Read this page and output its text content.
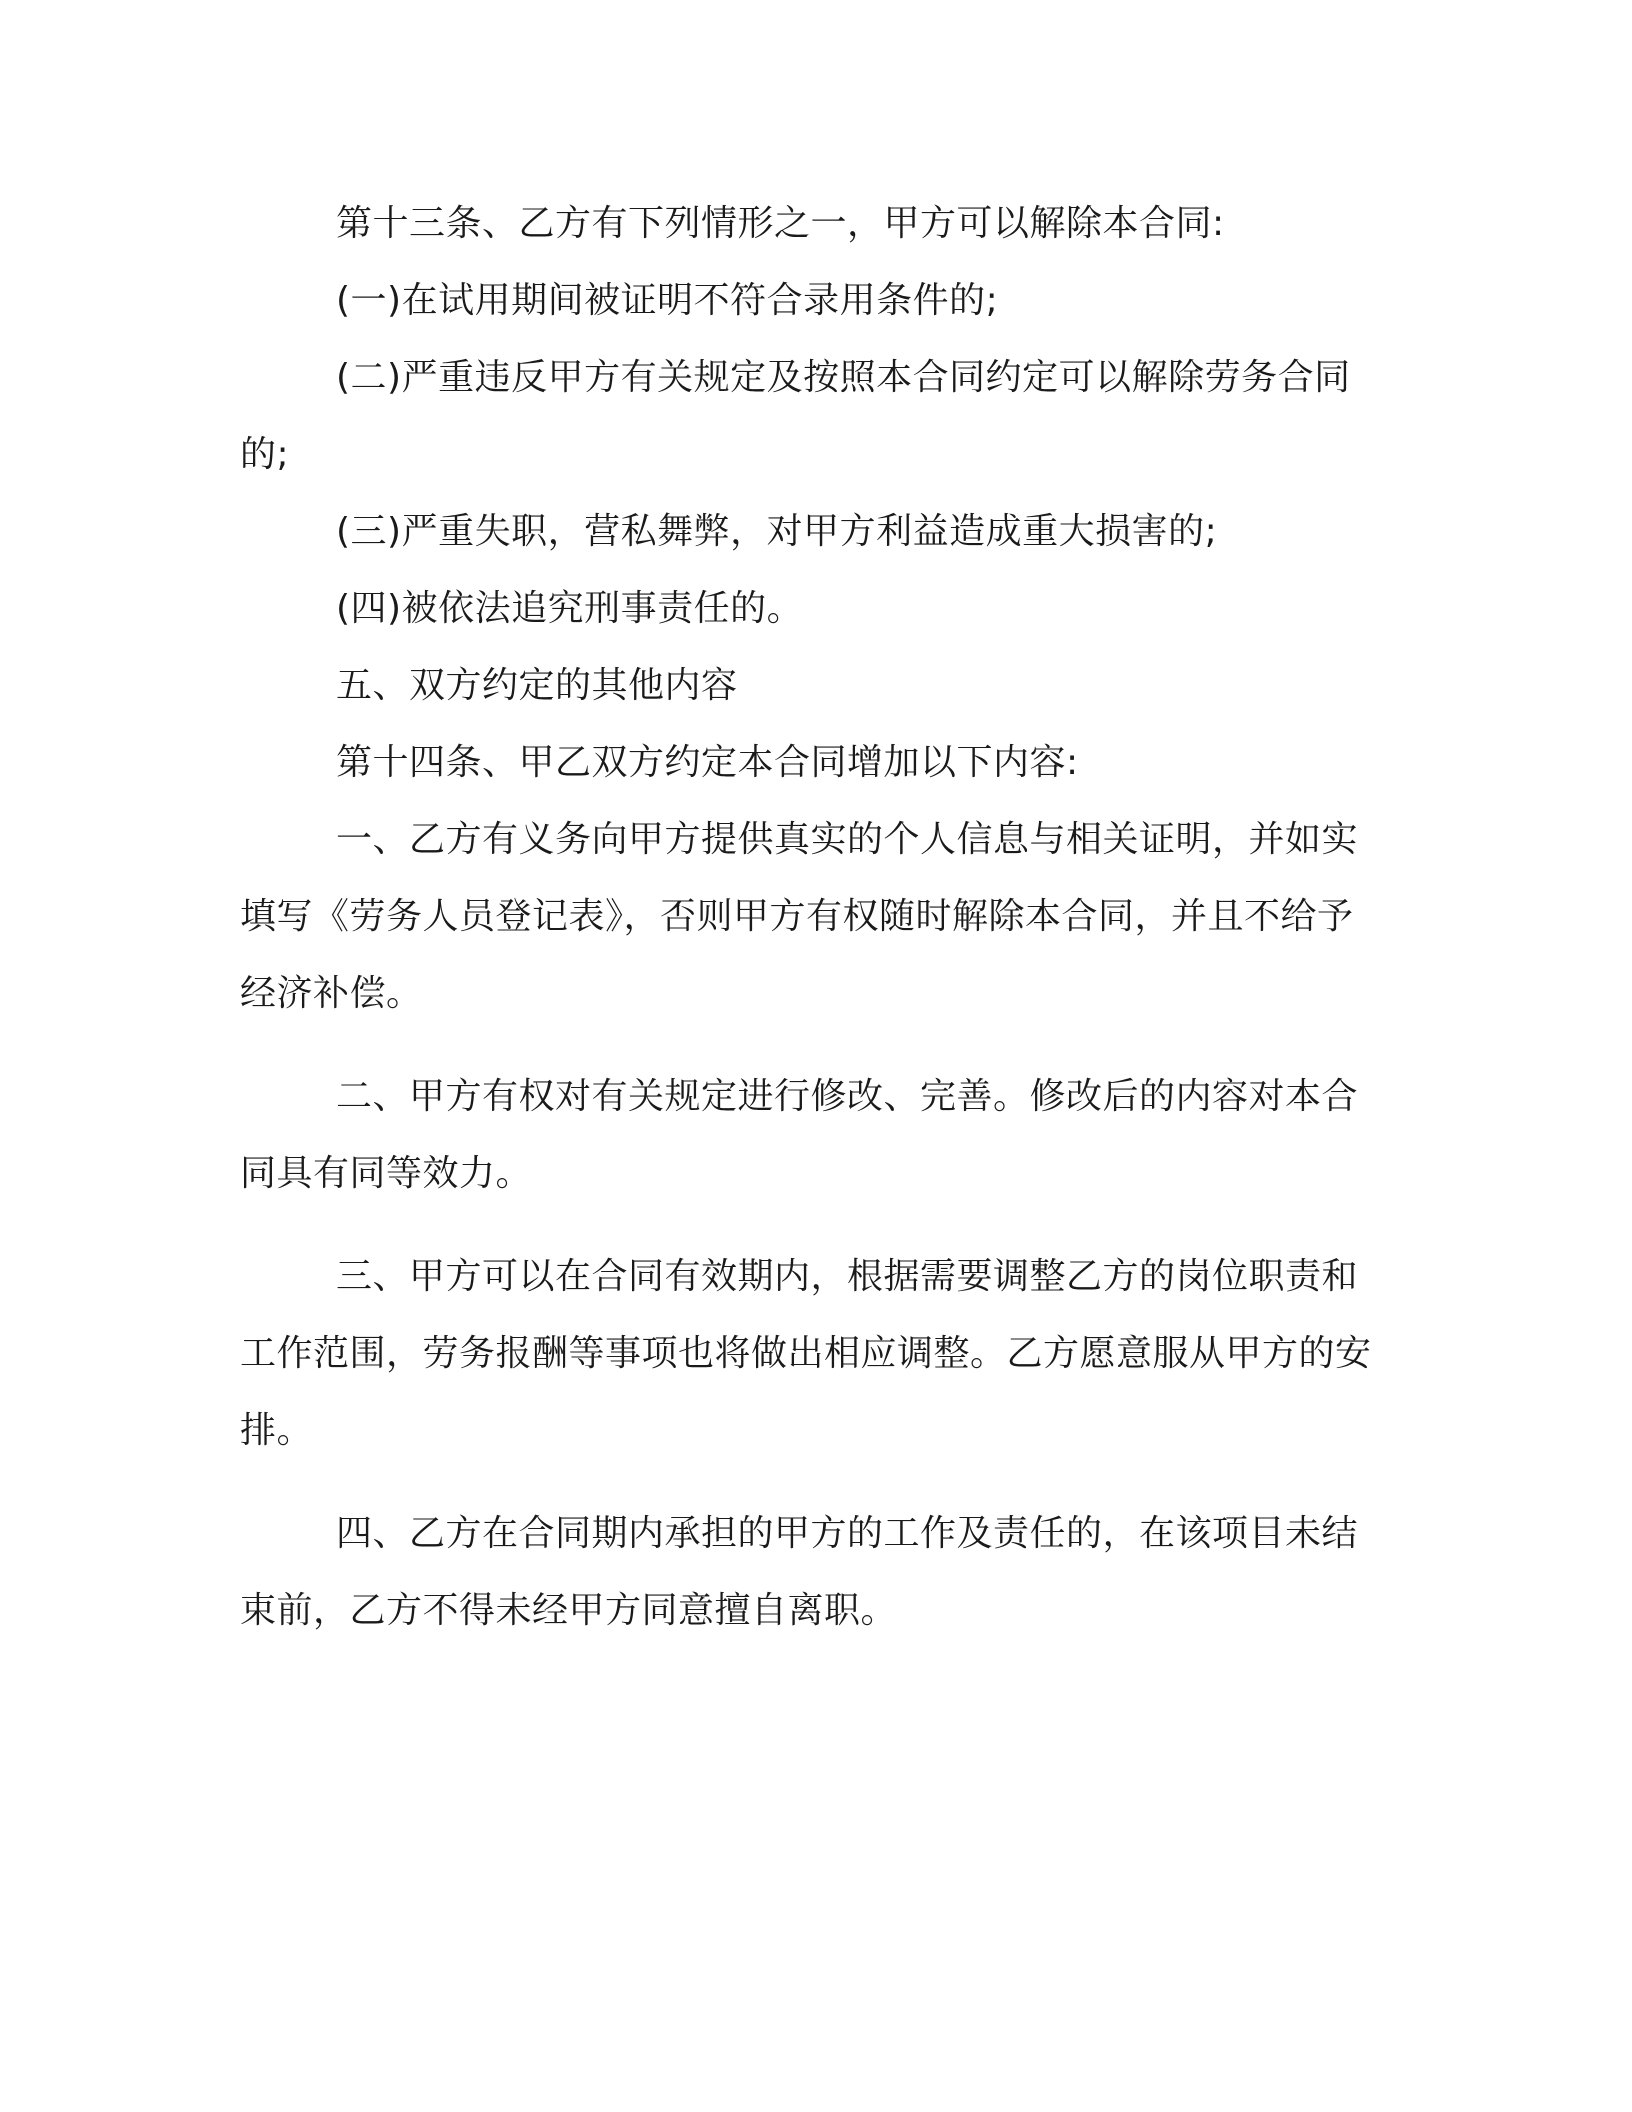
第十三条、乙方有下列情形之一，甲方可以解除本合同:

(一)在试用期间被证明不符合录用条件的;

(二)严重违反甲方有关规定及按照本合同约定可以解除劳务合同的;

(三)严重失职，营私舞弊，对甲方利益造成重大损害的;

(四)被依法追究刑事责任的。

五、双方约定的其他内容

第十四条、甲乙双方约定本合同增加以下内容:

一、乙方有义务向甲方提供真实的个人信息与相关证明，并如实填写《劳务人员登记表》，否则甲方有权随时解除本合同，并且不给予经济补偿。

二、甲方有权对有关规定进行修改、完善。修改后的内容对本合同具有同等效力。

三、甲方可以在合同有效期内，根据需要调整乙方的岗位职责和工作范围，劳务报酬等事项也将做出相应调整。乙方愿意服从甲方的安排。

四、乙方在合同期内承担的甲方的工作及责任的，在该项目未结束前，乙方不得未经甲方同意擅自离职。
